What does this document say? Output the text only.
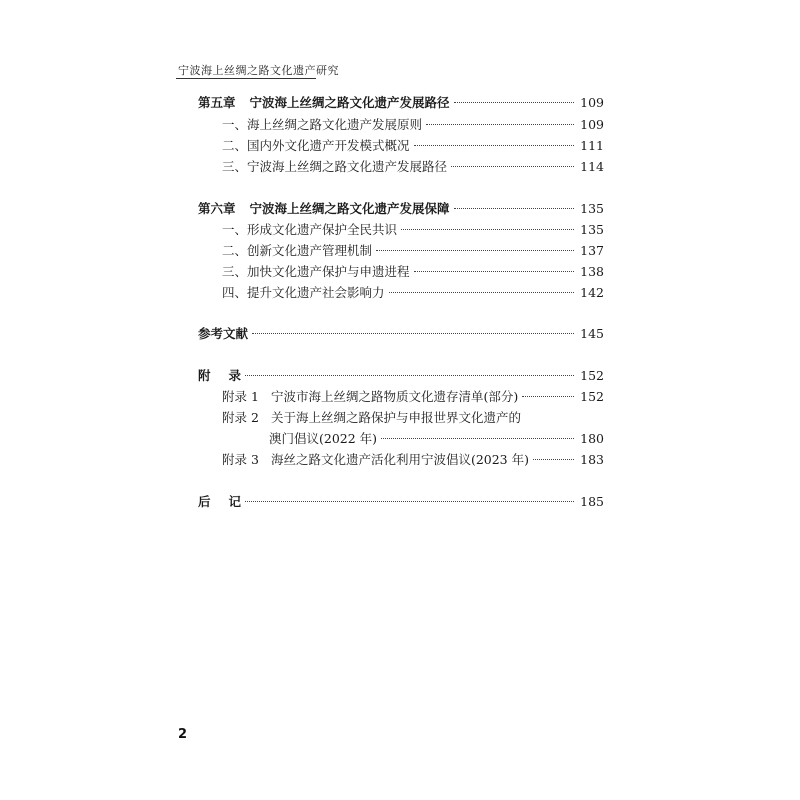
宁波海上丝绸之路文化遗产研究
第五章 宁波海上丝绸之路文化遗产发展路径	109
一、海上丝绸之路文化遗产发展原则	109
二、国内外文化遗产开发模式概况	111
三、宁波海上丝绸之路文化遗产发展路径	114
第六章 宁波海上丝绸之路文化遗产发展保障	135
一、形成文化遗产保护全民共识	135
二、创新文化遗产管理机制	137
三、加快文化遗产保护与申遗进程	138
四、提升文化遗产社会影响力	142
参考文献	145
附 录	152
附录 1 宁波市海上丝绸之路物质文化遗存清单(部分)	152
附录 2 关于海上丝绸之路保护与申报世界文化遗产的
澳门倡议(2022 年)	180
附录 3 海丝之路文化遗产活化利用宁波倡议(2023 年)	183
后 记	185
2
